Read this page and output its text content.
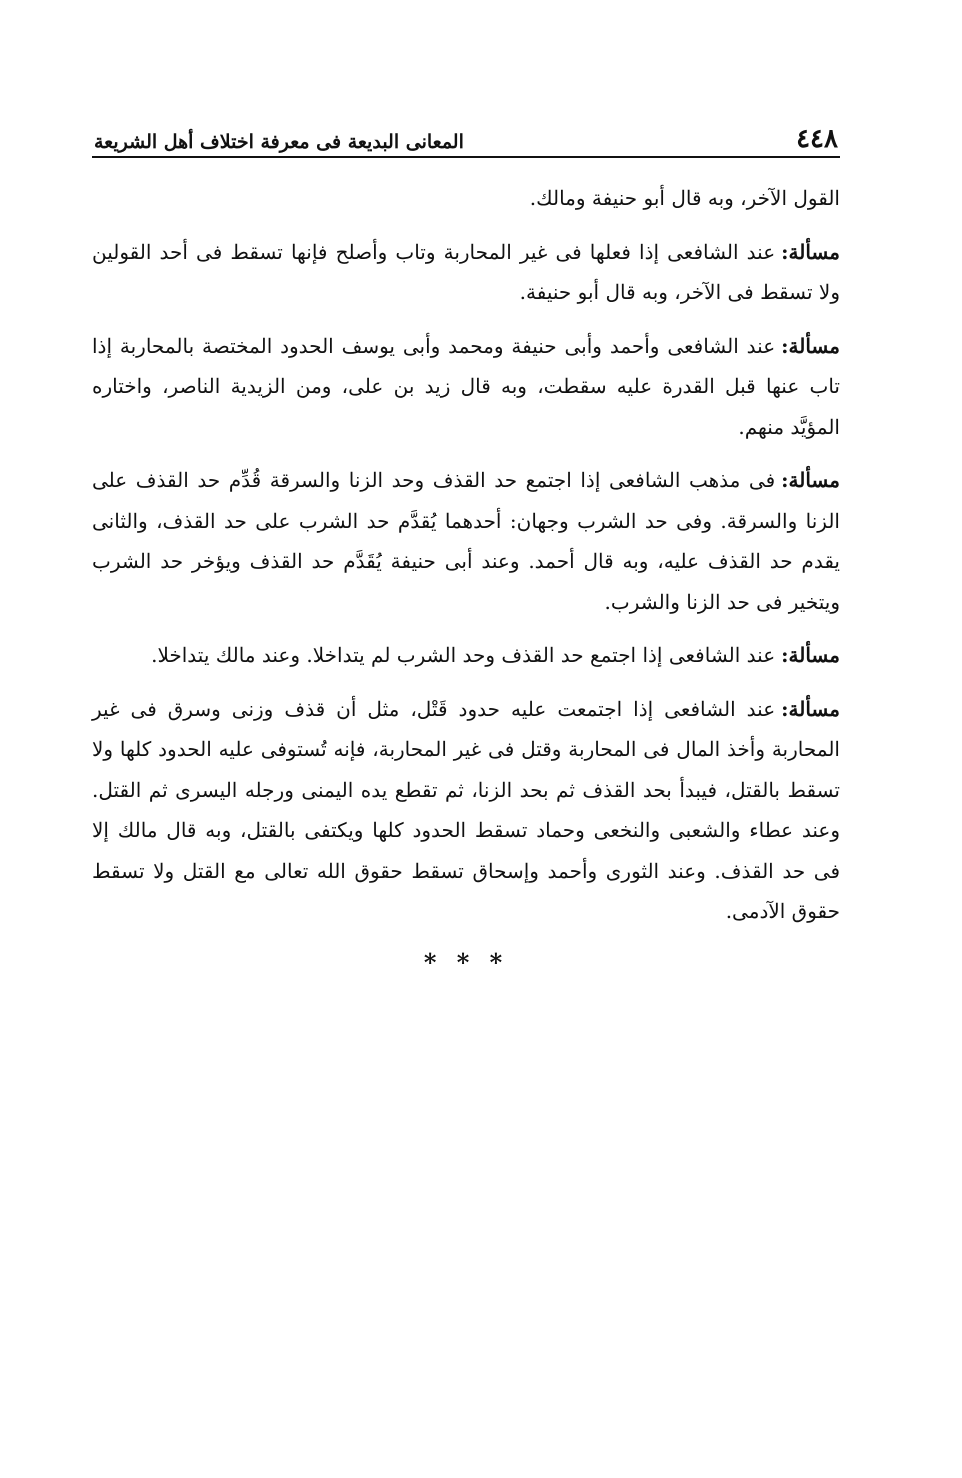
٤٤٨
المعانى البديعة فى معرفة اختلاف أهل الشريعة

القول الآخر، وبه قال أبو حنيفة ومالك.

مسألة:عند الشافعى إذا فعلها فى غير المحاربة وتاب وأصلح فإنها تسقط فى أحد القولين ولا تسقط فى الآخر، وبه قال أبو حنيفة.

مسألة:عند الشافعى وأحمد وأبى حنيفة ومحمد وأبى يوسف الحدود المختصة بالمحاربة إذا تاب عنها قبل القدرة عليه سقطت، وبه قال زيد بن على، ومن الزيدية الناصر، واختاره المؤيَّد منهم.

مسألة:فى مذهب الشافعى إذا اجتمع حد القذف وحد الزنا والسرقة قُدِّم حد القذف على الزنا والسرقة. وفى حد الشرب وجهان: أحدهما يُقدَّم حد الشرب على حد القذف، والثانى يقدم حد القذف عليه، وبه قال أحمد. وعند أبى حنيفة يُقَدَّم حد القذف ويؤخر حد الشرب ويتخير فى حد الزنا والشرب.

مسألة:عند الشافعى إذا اجتمع حد القذف وحد الشرب لم يتداخلا. وعند مالك يتداخلا.

مسألة:عند الشافعى إذا اجتمعت عليه حدود قَتْل، مثل أن قذف وزنى وسرق فى غير المحاربة وأخذ المال فى المحاربة وقتل فى غير المحاربة، فإنه تُستوفى عليه الحدود كلها ولا تسقط بالقتل، فيبدأ بحد القذف ثم بحد الزنا، ثم تقطع يده اليمنى ورجله اليسرى ثم القتل. وعند عطاء والشعبى والنخعى وحماد تسقط الحدود كلها ويكتفى بالقتل، وبه قال مالك إلا فى حد القذف. وعند الثورى وأحمد وإسحاق تسقط حقوق الله تعالى مع القتل ولا تسقط حقوق الآدمى.

* * *
